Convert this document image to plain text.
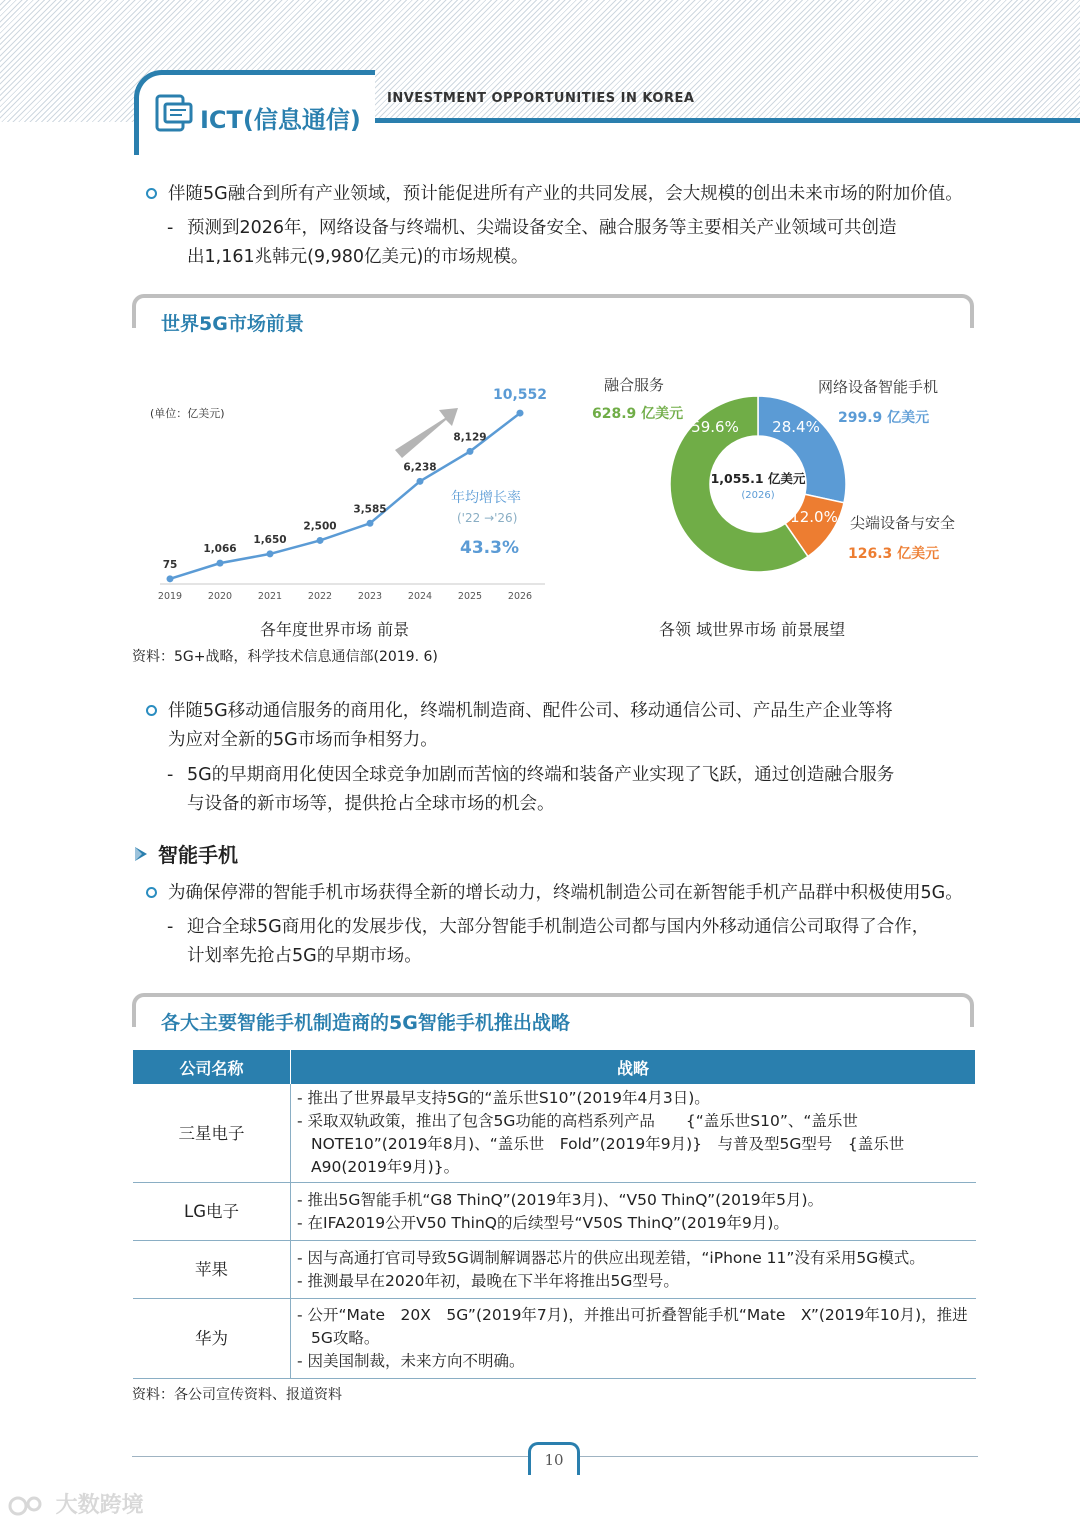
ICT(信息通信)
INVESTMENT OPPORTUNITIES IN KOREA
伴随5G融合到所有产业领域，预计能促进所有产业的共同发展，会大规模的创出未来市场的附加价值。
- 预测到2026年，网络设备与终端机、尖端设备安全、融合服务等主要相关产业领域可共创造
出1,161兆韩元(9,980亿美元)的市场规模。
世界5G市场前景
75
2019
1,066
2020
1,650
2021
2,500
2022
3,585
2023
6,238
2024
8,129
2025
10,552
2026
(单位：亿美元)
年均增长率
('22 →'26)
43.3%
28.4%
网络设备智能手机
299.9 亿美元
12.0% 尖端设备与安全
126.3 亿美元
59.6%
融合服务
628.9 亿美元
1,055.1 亿美元
(2026)
各年度世界市场 前景	各领 域世界市场 前景展望
资料：5G+战略，科学技术信息通信部(2019. 6)
伴随5G移动通信服务的商用化，终端机制造商、配件公司、移动通信公司、产品生产企业等将
为应对全新的5G市场而争相努力。
- 5G的早期商用化使因全球竞争加剧而苦恼的终端和装备产业实现了飞跃，通过创造融合服务
与设备的新市场等，提供抢占全球市场的机会。
智能手机
为确保停滞的智能手机市场获得全新的增长动力，终端机制造公司在新智能手机产品群中积极使用5G。
- 迎合全球5G商用化的发展步伐，大部分智能手机制造公司都与国内外移动通信公司取得了合作，
计划率先抢占5G的早期市场。
各大主要智能手机制造商的5G智能手机推出战略
公司名称	战略
三星电子	- 推出了世界最早支持5G的“盖乐世S10”(2019年4月3日)。
- 采取双轨政策，推出了包含5G功能的高档系列产品　　{“盖乐世S10”、“盖乐世NOTE10”(2019年8月)、“盖乐世　Fold”(2019年9月)}　与普及型5G型号　{盖乐世A90(2019年9月)}。

LG电子	- 推出5G智能手机“G8 ThinQ”(2019年3月)、“V50 ThinQ”(2019年5月)。
- 在IFA2019公开V50 ThinQ的后续型号“V50S ThinQ”(2019年9月)。

苹果	- 因与高通打官司导致5G调制解调器芯片的供应出现差错，“iPhone 11”没有采用5G模式。
- 推测最早在2020年初，最晚在下半年将推出5G型号。

华为	- 公开“Mate　20X　5G”(2019年7月)，并推出可折叠智能手机“Mate　X”(2019年10月)，推进5G攻略。
- 因美国制裁，未来方向不明确。
资料：各公司宣传资料、报道资料
10
大数跨境
